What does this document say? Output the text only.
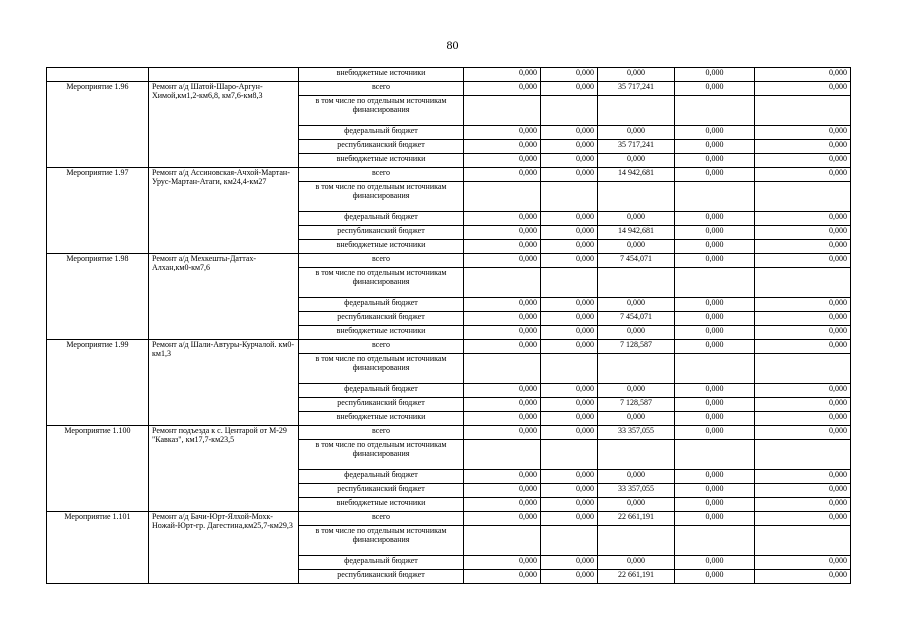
80
		внебюджетные источники	0,000	0,000	0,000	0,000	0,000
Мероприятие 1.96	Ремонт а/д Шатой-Шаро-Аргун-Химой,км1,2-км6,8, км7,6-км8,3	всего	0,000	0,000	35 717,241	0,000	0,000
		в том числе по отдельным источникам финансирования					
		федеральный бюджет	0,000	0,000	0,000	0,000	0,000
		республиканский бюджет	0,000	0,000	35 717,241	0,000	0,000
		внебюджетные источники	0,000	0,000	0,000	0,000	0,000
Мероприятие 1.97	Ремонт а/д Ассиновская-Ачхой-Мартан-Урус-Мартан-Атаги, км24,4-км27	всего	0,000	0,000	14 942,681	0,000	0,000
		в том числе по отдельным источникам финансирования					
		федеральный бюджет	0,000	0,000	0,000	0,000	0,000
		республиканский бюджет	0,000	0,000	14 942,681	0,000	0,000
		внебюджетные источники	0,000	0,000	0,000	0,000	0,000
Мероприятие 1.98	Ремонт а/д Мехкешты-Даттах-Алхан,км0-км7,6	всего	0,000	0,000	7 454,071	0,000	0,000
		в том числе по отдельным источникам финансирования					
		федеральный бюджет	0,000	0,000	0,000	0,000	0,000
		республиканский бюджет	0,000	0,000	7 454,071	0,000	0,000
		внебюджетные источники	0,000	0,000	0,000	0,000	0,000
Мероприятие 1.99	Ремонт а/д Шали-Автуры-Курчалой. км0-км1,3	всего	0,000	0,000	7 128,587	0,000	0,000
		в том числе по отдельным источникам финансирования					
		федеральный бюджет	0,000	0,000	0,000	0,000	0,000
		республиканский бюджет	0,000	0,000	7 128,587	0,000	0,000
		внебюджетные источники	0,000	0,000	0,000	0,000	0,000
Мероприятие 1.100	Ремонт подъезда к с. Центарой от М-29 "Кавказ", км17,7-км23,5	всего	0,000	0,000	33 357,055	0,000	0,000
		в том числе по отдельным источникам финансирования					
		федеральный бюджет	0,000	0,000	0,000	0,000	0,000
		республиканский бюджет	0,000	0,000	33 357,055	0,000	0,000
		внебюджетные источники	0,000	0,000	0,000	0,000	0,000
Мероприятие 1.101	Ремонт а/д Бачи-Юрт-Ялхой-Мохк-Ножай-Юрт-гр. Дагестина,км25,7-км29,3	всего	0,000	0,000	22 661,191	0,000	0,000
		в том числе по отдельным источникам финансирования					
		федеральный бюджет	0,000	0,000	0,000	0,000	0,000
		республиканский бюджет	0,000	0,000	22 661,191	0,000	0,000
